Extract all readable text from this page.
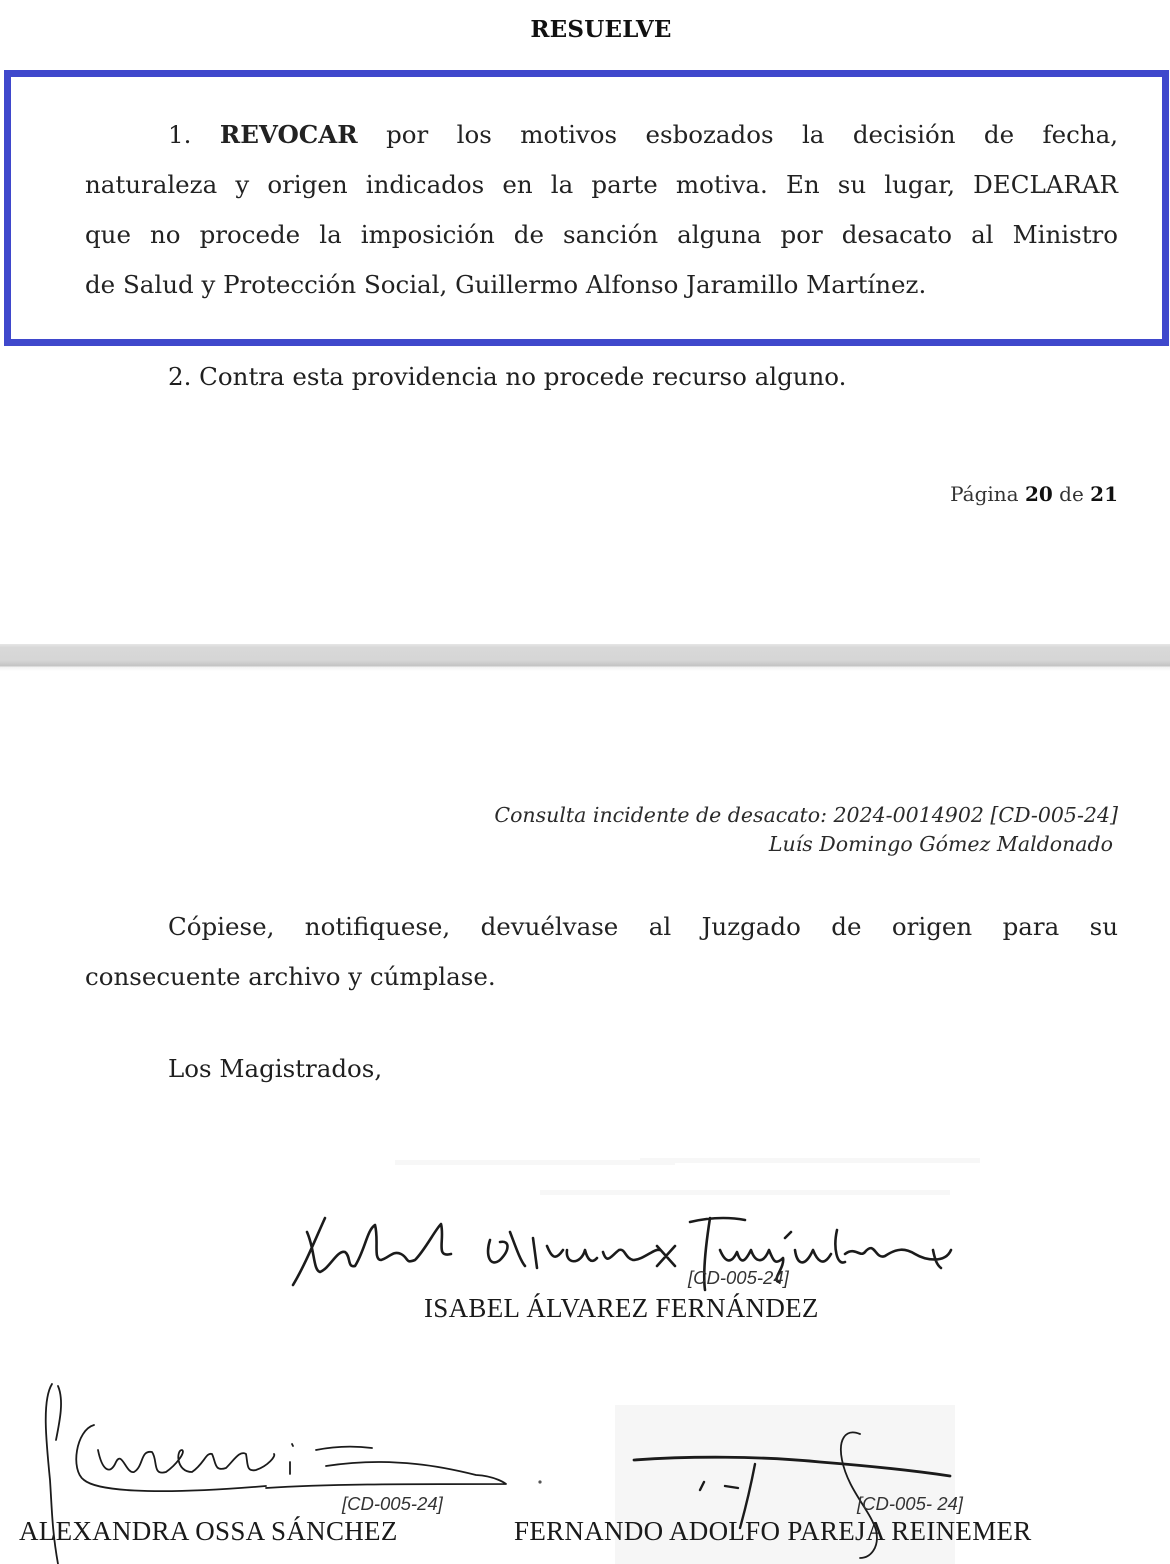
RESUELVE
1. REVOCAR por los motivos esbozados la decisión de fecha,
naturaleza y origen indicados en la parte motiva. En su lugar, DECLARAR
que no procede la imposición de sanción alguna por desacato al Ministro
de Salud y Protección Social, Guillermo Alfonso Jaramillo Martínez.
2. Contra esta providencia no procede recurso alguno.
Página 20 de 21
Consulta incidente de desacato: 2024-0014902 [CD-005-24]
Luís Domingo Gómez Maldonado
Cópiese, notifiquese, devuélvase al Juzgado de origen para su
consecuente archivo y cúmplase.
Los Magistrados,
[CD-005-24]
ISABEL ÁLVAREZ FERNÁNDEZ
[CD-005-24]
ALEXANDRA OSSA SÁNCHEZ
[CD-005- 24]
FERNANDO ADOLFO PAREJA REINEMER
